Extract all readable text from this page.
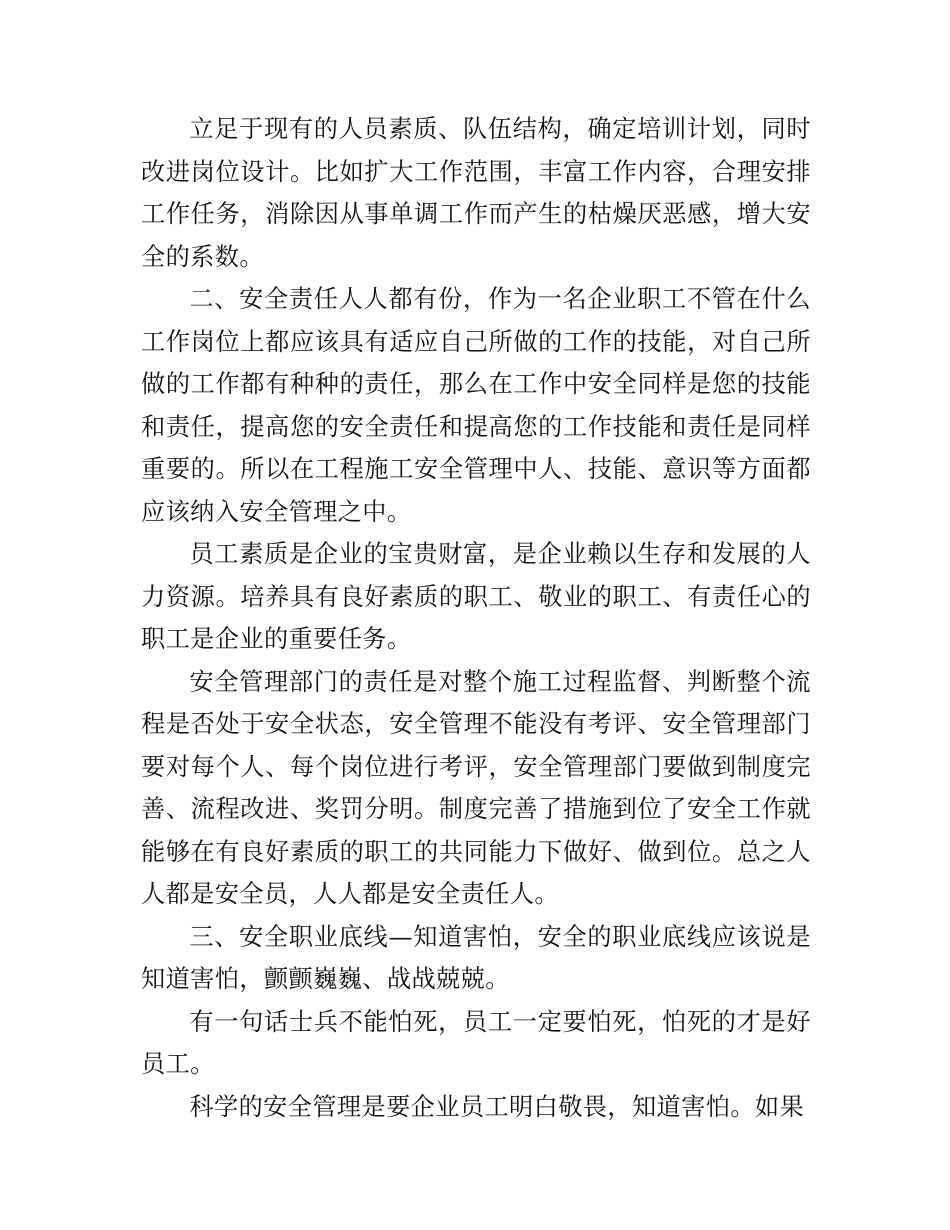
立足于现有的人员素质、队伍结构，确定培训计划，同时改进岗位设计。比如扩大工作范围，丰富工作内容，合理安排工作任务，消除因从事单调工作而产生的枯燥厌恶感，增大安全的系数。

二、安全责任人人都有份，作为一名企业职工不管在什么工作岗位上都应该具有适应自己所做的工作的技能，对自己所做的工作都有种种的责任，那么在工作中安全同样是您的技能和责任，提高您的安全责任和提高您的工作技能和责任是同样重要的。所以在工程施工安全管理中人、技能、意识等方面都应该纳入安全管理之中。

员工素质是企业的宝贵财富，是企业赖以生存和发展的人力资源。培养具有良好素质的职工、敬业的职工、有责任心的职工是企业的重要任务。

安全管理部门的责任是对整个施工过程监督、判断整个流程是否处于安全状态，安全管理不能没有考评、安全管理部门要对每个人、每个岗位进行考评，安全管理部门要做到制度完善、流程改进、奖罚分明。制度完善了措施到位了安全工作就能够在有良好素质的职工的共同能力下做好、做到位。总之人人都是安全员，人人都是安全责任人。

三、安全职业底线—知道害怕，安全的职业底线应该说是知道害怕，颤颤巍巍、战战兢兢。

有一句话士兵不能怕死，员工一定要怕死，怕死的才是好员工。

科学的安全管理是要企业员工明白敬畏，知道害怕。如果
